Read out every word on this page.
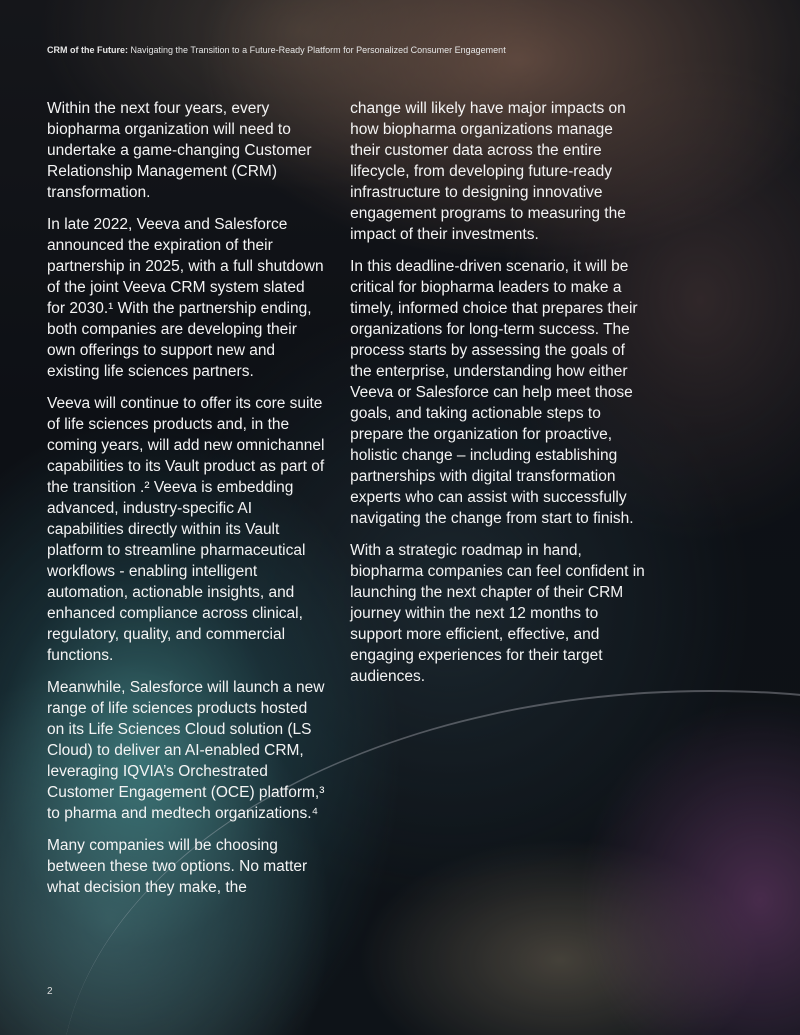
CRM of the Future: Navigating the Transition to a Future-Ready Platform for Personalized Consumer Engagement

Within the next four years, every biopharma organization will need to undertake a game-changing Customer Relationship Management (CRM) transformation.

In late 2022, Veeva and Salesforce announced the expiration of their partnership in 2025, with a full shutdown of the joint Veeva CRM system slated for 2030.¹ With the partnership ending, both companies are developing their own offerings to support new and existing life sciences partners.

Veeva will continue to offer its core suite of life sciences products and, in the coming years, will add new omnichannel capabilities to its Vault product as part of the transition .² Veeva is embedding advanced, industry-specific AI capabilities directly within its Vault platform to streamline pharmaceutical workflows - enabling intelligent automation, actionable insights, and enhanced compliance across clinical, regulatory, quality, and commercial functions.

Meanwhile, Salesforce will launch a new range of life sciences products hosted on its Life Sciences Cloud solution (LS Cloud) to deliver an AI-enabled CRM, leveraging IQVIA’s Orchestrated Customer Engagement (OCE) platform,³ to pharma and medtech organizations.⁴

Many companies will be choosing between these two options. No matter what decision they make, the

change will likely have major impacts on how biopharma organizations manage their customer data across the entire lifecycle, from developing future-ready infrastructure to designing innovative engagement programs to measuring the impact of their investments.

In this deadline-driven scenario, it will be critical for biopharma leaders to make a timely, informed choice that prepares their organizations for long-term success. The process starts by assessing the goals of the enterprise, understanding how either Veeva or Salesforce can help meet those goals, and taking actionable steps to prepare the organization for proactive, holistic change – including establishing partnerships with digital transformation experts who can assist with successfully navigating the change from start to finish.

With a strategic roadmap in hand, biopharma companies can feel confident in launching the next chapter of their CRM journey within the next 12 months to support more efficient, effective, and engaging experiences for their target audiences.

2
